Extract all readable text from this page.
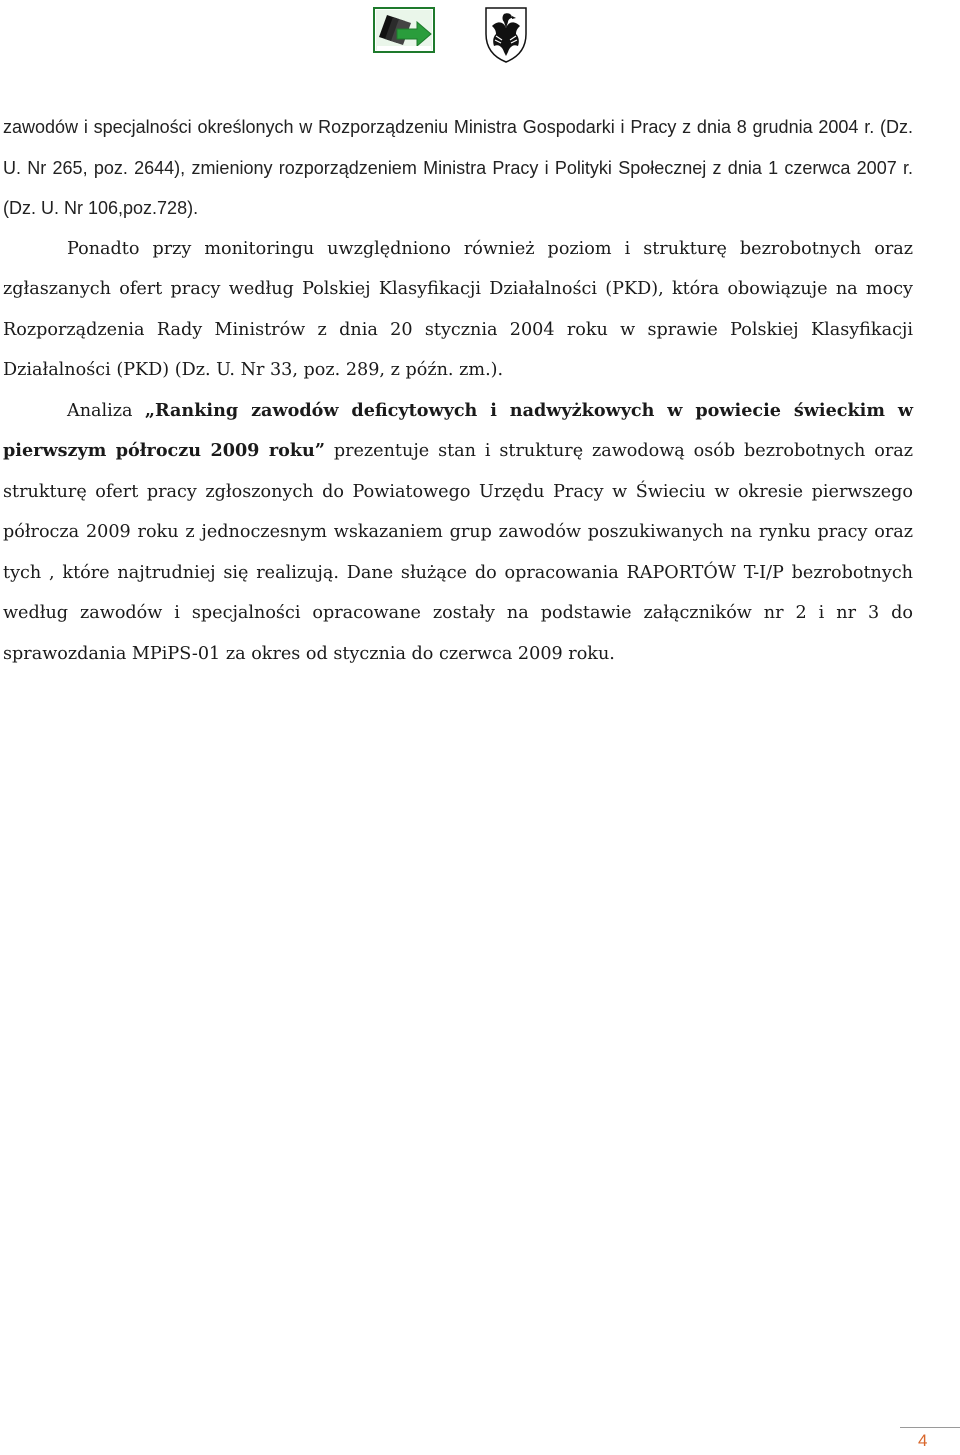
zawodów i specjalności określonych w Rozporządzeniu Ministra Gospodarki i Pracy z dnia 8 grudnia 2004 r. (Dz. U. Nr 265, poz. 2644), zmieniony rozporządzeniem Ministra Pracy i Polityki Społecznej z dnia 1 czerwca 2007 r. (Dz. U. Nr 106,poz.728).

Ponadto przy monitoringu uwzględniono również poziom i strukturę bezrobotnych oraz zgłaszanych ofert pracy według Polskiej Klasyfikacji Działalności (PKD), która obowiązuje na mocy Rozporządzenia Rady Ministrów z dnia 20 stycznia 2004 roku w sprawie Polskiej Klasyfikacji Działalności (PKD) (Dz. U. Nr 33, poz. 289, z późn. zm.).

Analiza „Ranking zawodów deficytowych i nadwyżkowych w powiecie świeckim w pierwszym półroczu 2009 roku” prezentuje stan i strukturę zawodową osób bezrobotnych oraz strukturę ofert pracy zgłoszonych do Powiatowego Urzędu Pracy w Świeciu w okresie pierwszego półrocza 2009 roku z jednoczesnym wskazaniem grup zawodów poszukiwanych na rynku pracy oraz tych , które najtrudniej się realizują. Dane służące do opracowania RAPORTÓW T-I/P bezrobotnych według zawodów i specjalności opracowane zostały na podstawie załączników nr 2 i nr 3 do sprawozdania MPiPS-01 za okres od stycznia do czerwca 2009 roku.

4
